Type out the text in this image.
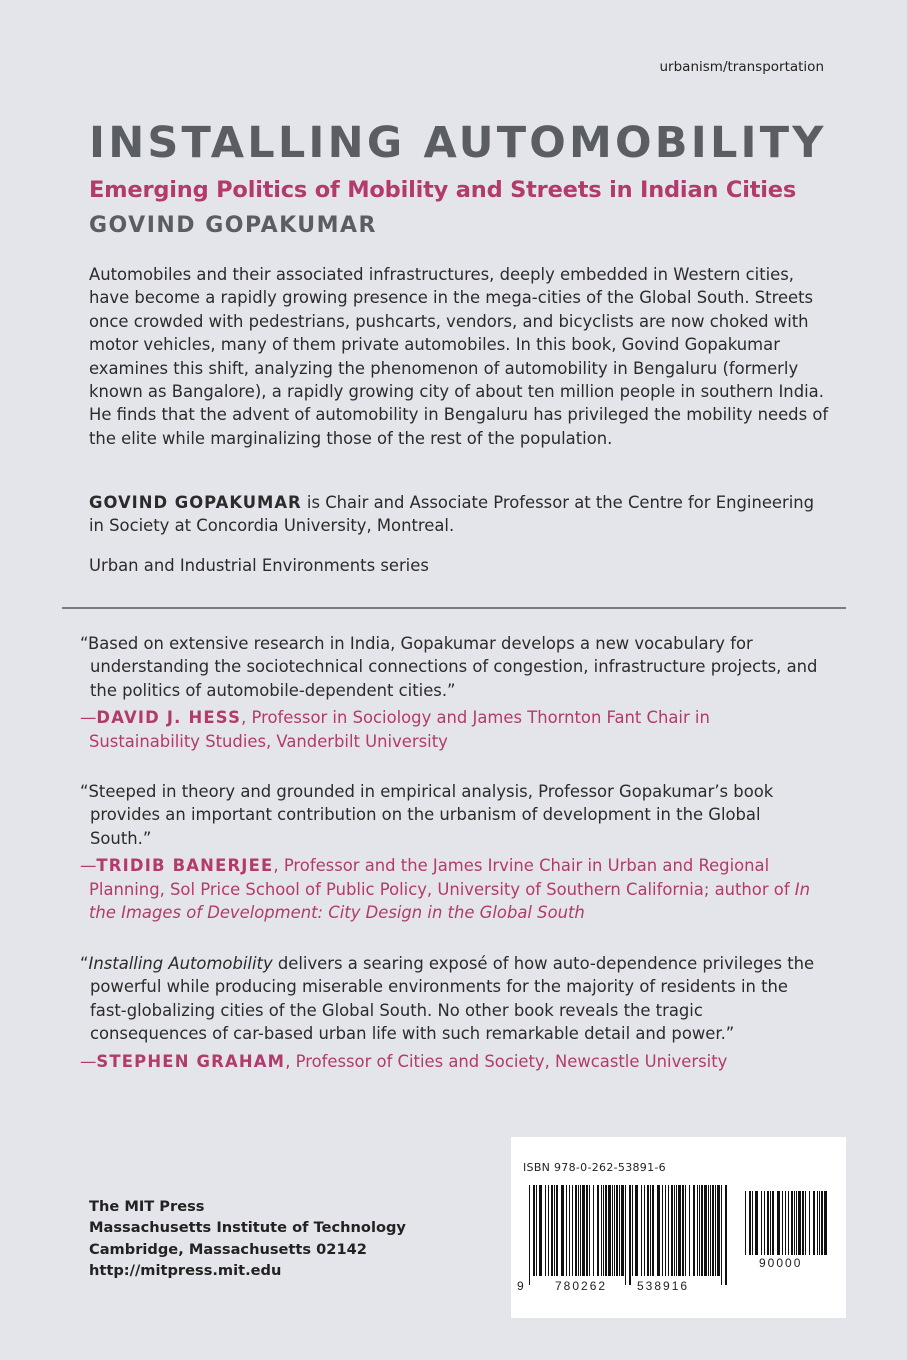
urbanism/transportation
INSTALLING AUTOMOBILITY
Emerging Politics of Mobility and Streets in Indian Cities
GOVIND GOPAKUMAR

Automobiles and their associated infrastructures, deeply embedded in Western cities, have become a rapidly growing presence in the mega-cities of the Global South. Streets once crowded with pedestrians, pushcarts, vendors, and bicyclists are now choked with motor vehicles, many of them private automobiles. In this book, Govind Gopakumar examines this shift, analyzing the phenomenon of automobility in Bengaluru (formerly known as Bangalore), a rapidly growing city of about ten million people in southern India. He finds that the advent of automobility in Bengaluru has privileged the mobility needs of the elite while marginalizing those of the rest of the population.

GOVIND GOPAKUMAR is Chair and Associate Professor at the Centre for Engineering in Society at Concordia University, Montreal.

Urban and Industrial Environments series

“Based on extensive research in India, Gopakumar develops a new vocabulary for understanding the sociotechnical connections of congestion, infrastructure projects, and the politics of automobile-dependent cities.”

—DAVID J. HESS, Professor in Sociology and James Thornton Fant Chair in Sustainability Studies, Vanderbilt University

“Steeped in theory and grounded in empirical analysis, Professor Gopakumar’s book provides an important contribution on the urbanism of development in the Global South.”

—TRIDIB BANERJEE, Professor and the James Irvine Chair in Urban and Regional Planning, Sol Price School of Public Policy, University of Southern California; author of In the Images of Development: City Design in the Global South

“Installing Automobility delivers a searing exposé of how auto-dependence privileges the powerful while producing miserable environments for the majority of residents in the fast-globalizing cities of the Global South. No other book reveals the tragic consequences of car-based urban life with such remarkable detail and power.”

—STEPHEN GRAHAM, Professor of Cities and Society, Newcastle University

The MIT Press
Massachusetts Institute of Technology
Cambridge, Massachusetts 02142
http://mitpress.mit.edu
ISBN 978-0-262-53891-6
9	780262 538916
90000
